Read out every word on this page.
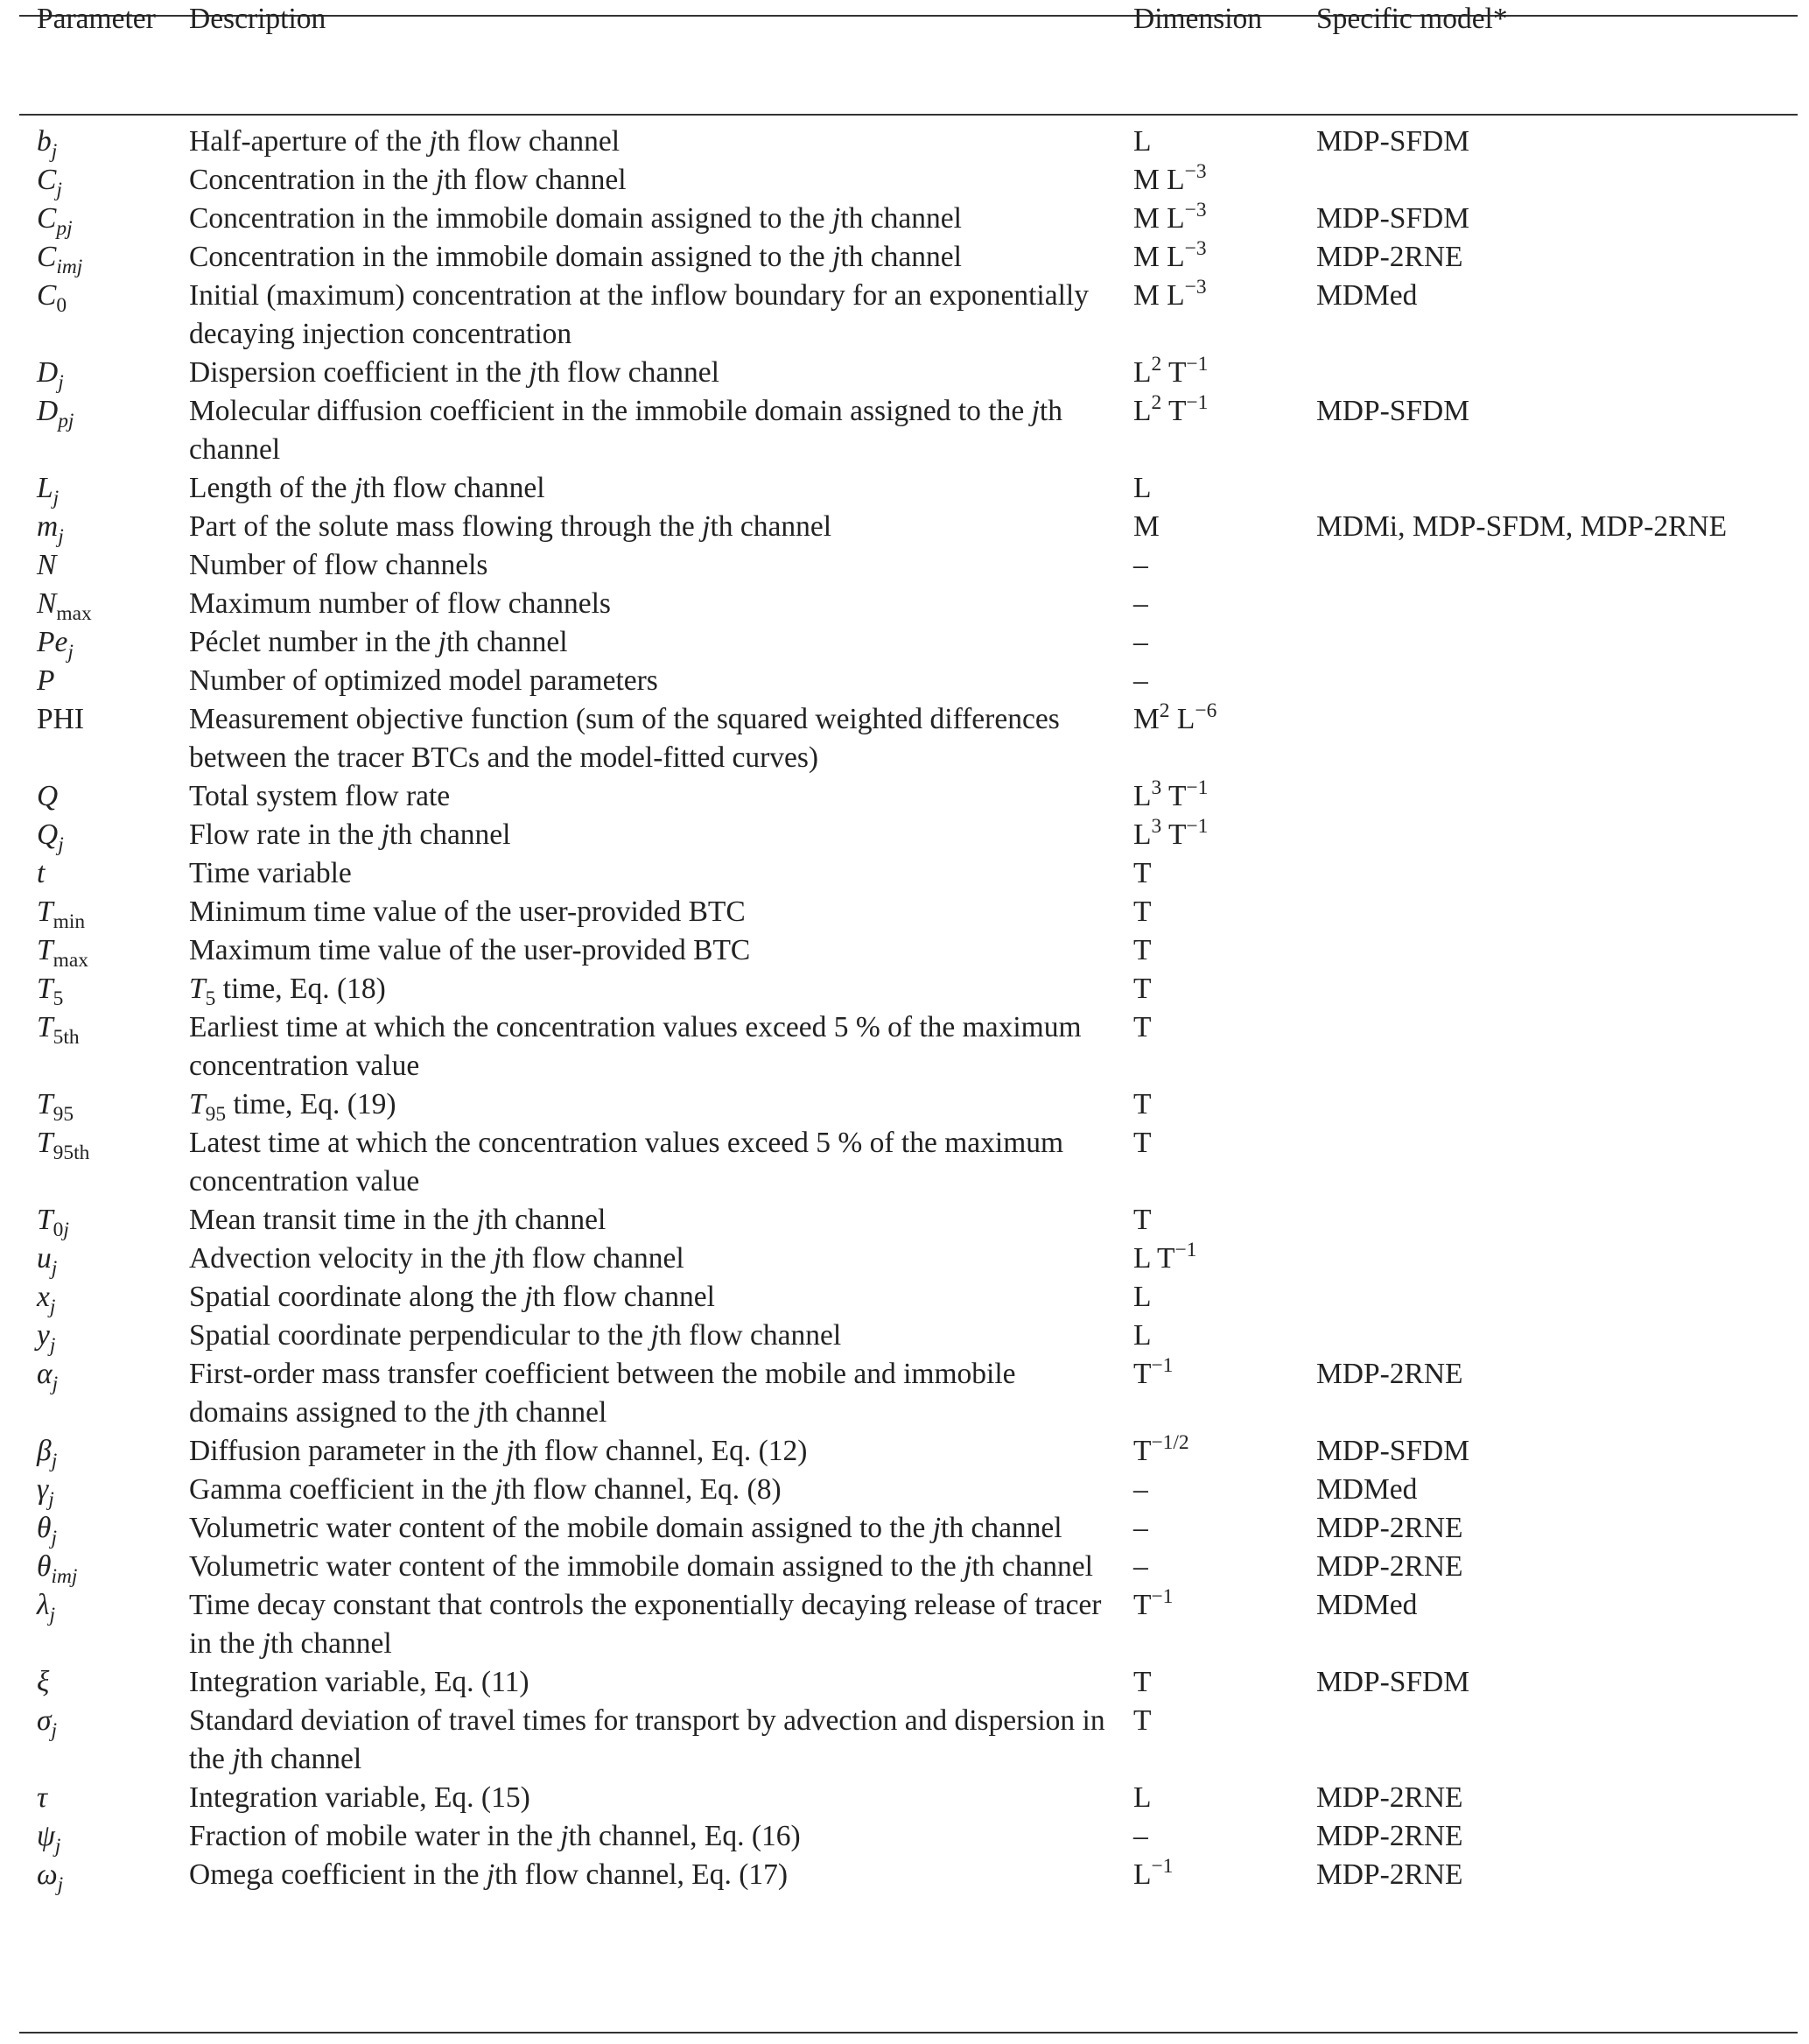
Parameter	Description	Dimension	Specific model*
$b_j$	Half-aperture of the jth flow channel	L	MDP-SFDM
$C_j$	Concentration in the jth flow channel	M $L^{-3}$	
$C_{pj}$	Concentration in the immobile domain assigned to the jth channel	M $L^{-3}$	MDP-SFDM
$C_{imj}$	Concentration in the immobile domain assigned to the jth channel	M $L^{-3}$	MDP-2RNE
$C_0$	Initial (maximum) concentration at the inflow boundary for an exponentially decaying injection concentration	M $L^{-3}$	MDMed
$D_j$	Dispersion coefficient in the jth flow channel	$L^2$ $T^{-1}$	
$D_{pj}$	Molecular diffusion coefficient in the immobile domain assigned to the jth channel	$L^2$ $T^{-1}$	MDP-SFDM
$L_j$	Length of the jth flow channel	L	
$m_j$	Part of the solute mass flowing through the jth channel	M	MDMi, MDP-SFDM, MDP-2RNE
N	Number of flow channels	–	
$N_{max}$	Maximum number of flow channels	–	
$Pe_j$	Péclet number in the jth channel	–	
P	Number of optimized model parameters	–	
PHI	Measurement objective function (sum of the squared weighted differences between the tracer BTCs and the model-fitted curves)	$M^2$ $L^{-6}$	
Q	Total system flow rate	$L^3$ $T^{-1}$	
$Q_j$	Flow rate in the jth channel	$L^3$ $T^{-1}$	
t	Time variable	T	
$T_{min}$	Minimum time value of the user-provided BTC	T	
$T_{max}$	Maximum time value of the user-provided BTC	T	
$T_5$	$T_5$ time, Eq. (18)	T	
$T_{5th}$	Earliest time at which the concentration values exceed 5 % of the maximum concentration value	T	
$T_{95}$	$T_{95}$ time, Eq. (19)	T	
$T_{95th}$	Latest time at which the concentration values exceed 5 % of the maximum concentration value	T	
$T_{0j}$	Mean transit time in the jth channel	T	
$u_j$	Advection velocity in the jth flow channel	L $T^{-1}$	
$x_j$	Spatial coordinate along the jth flow channel	L	
$y_j$	Spatial coordinate perpendicular to the jth flow channel	L	
$\alpha_j$	First-order mass transfer coefficient between the mobile and immobile domains assigned to the jth channel	$T^{-1}$	MDP-2RNE
$\beta_j$	Diffusion parameter in the jth flow channel, Eq. (12)	$T^{-1/2}$	MDP-SFDM
$\gamma_j$	Gamma coefficient in the jth flow channel, Eq. (8)	–	MDMed
$\theta_j$	Volumetric water content of the mobile domain assigned to the jth channel	–	MDP-2RNE
$\theta_{imj}$	Volumetric water content of the immobile domain assigned to the jth channel	–	MDP-2RNE
$\lambda_j$	Time decay constant that controls the exponentially decaying release of tracer in the jth channel	$T^{-1}$	MDMed
ξ	Integration variable, Eq. (11)	T	MDP-SFDM
$\sigma_j$	Standard deviation of travel times for transport by advection and dispersion in the jth channel	T	
τ	Integration variable, Eq. (15)	L	MDP-2RNE
$\psi_j$	Fraction of mobile water in the jth channel, Eq. (16)	–	MDP-2RNE
$\omega_j$	Omega coefficient in the jth flow channel, Eq. (17)	$L^{-1}$	MDP-2RNE
